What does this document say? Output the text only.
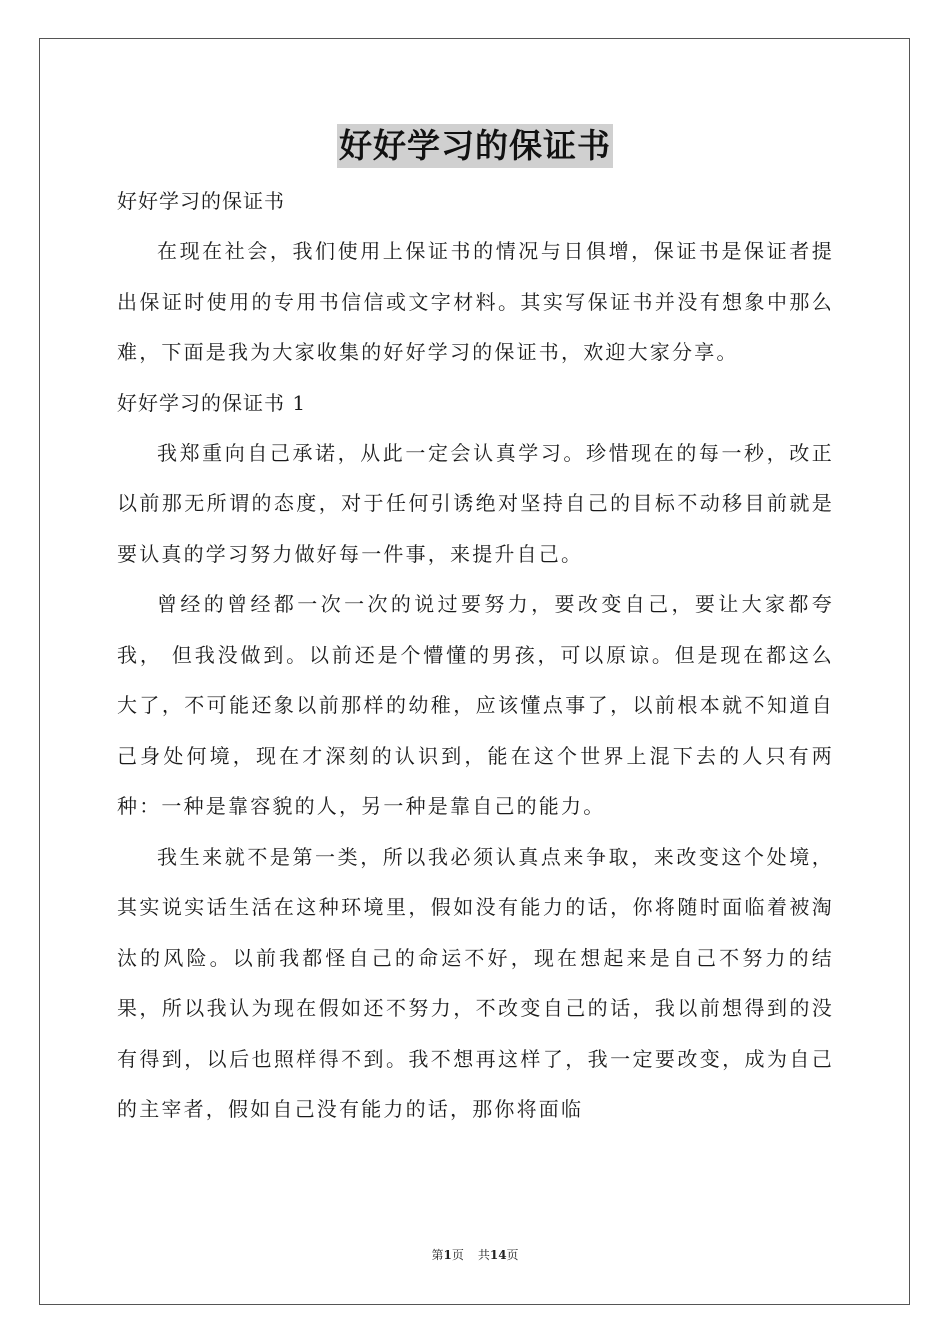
好好学习的保证书
好好学习的保证书

在现在社会，我们使用上保证书的情况与日俱增，保证书是保证者提出保证时使用的专用书信信或文字材料。其实写保证书并没有想象中那么难，下面是我为大家收集的好好学习的保证书，欢迎大家分享。

好好学习的保证书 1

我郑重向自己承诺，从此一定会认真学习。珍惜现在的每一秒，改正以前那无所谓的态度，对于任何引诱绝对坚持自己的目标不动移目前就是要认真的学习努力做好每一件事，来提升自己。

曾经的曾经都一次一次的说过要努力，要改变自己，要让大家都夸我， 但我没做到。以前还是个懵懂的男孩，可以原谅。但是现在都这么大了，不可能还象以前那样的幼稚，应该懂点事了，以前根本就不知道自己身处何境，现在才深刻的认识到，能在这个世界上混下去的人只有两种：一种是靠容貌的人，另一种是靠自己的能力。

我生来就不是第一类，所以我必须认真点来争取，来改变这个处境，其实说实话生活在这种环境里，假如没有能力的话，你将随时面临着被淘汰的风险。以前我都怪自己的命运不好，现在想起来是自己不努力的结果，所以我认为现在假如还不努力，不改变自己的话，我以前想得到的没有得到，以后也照样得不到。我不想再这样了，我一定要改变，成为自己的主宰者，假如自己没有能力的话，那你将面临

第1页 共14页
